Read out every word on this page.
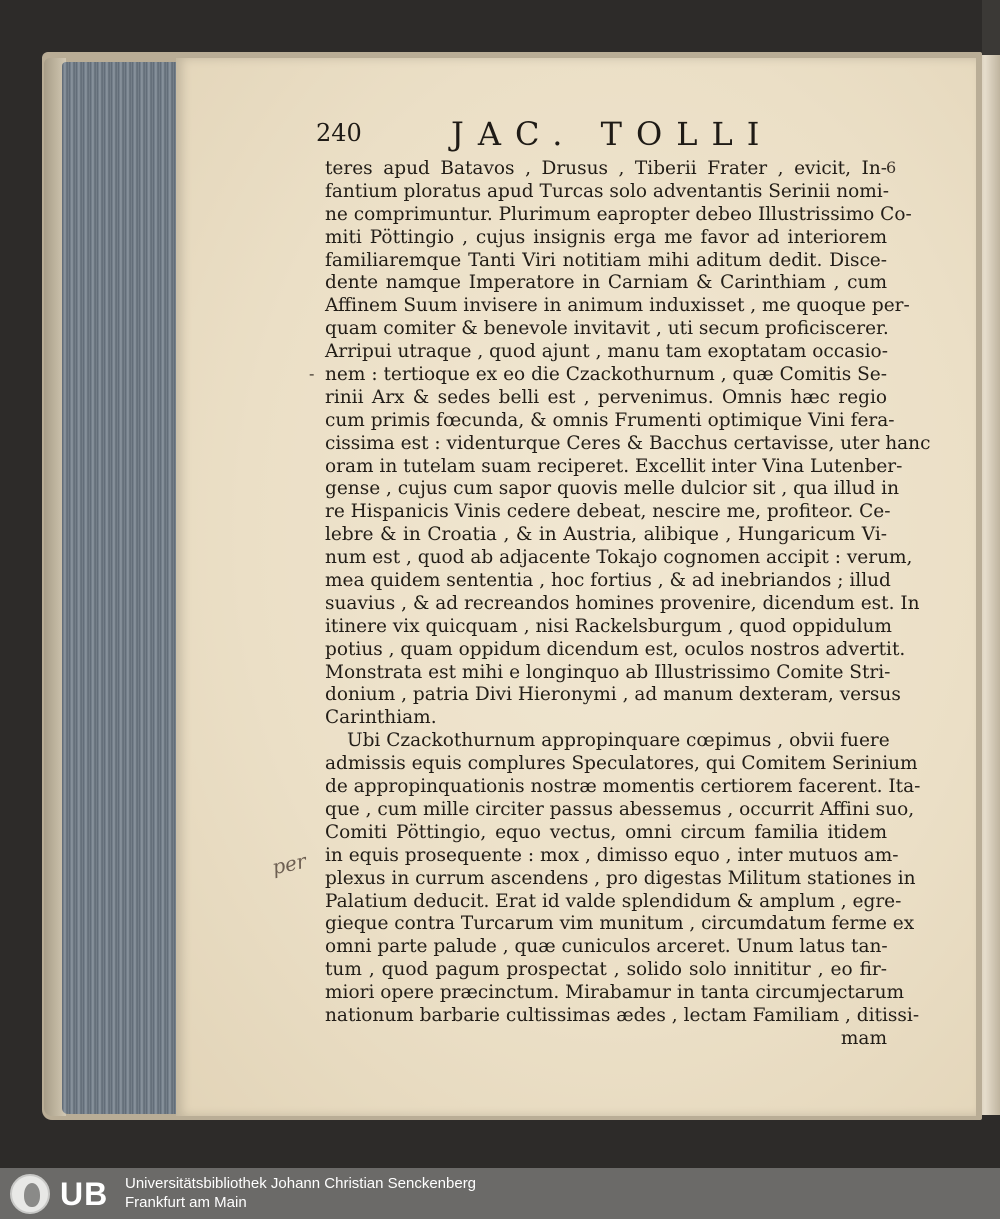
240	JAC. TOLLI
6
-
per
teres apud Batavos , Drusus , Tiberii Frater , evicit, In-
fantium ploratus apud Turcas solo adventantis Serinii nomi-
ne comprimuntur. Plurimum eapropter debeo Illustrissimo Co-
miti Pöttingio , cujus insignis erga me favor ad interiorem
familiaremque Tanti Viri notitiam mihi aditum dedit. Disce-
dente namque Imperatore in Carniam & Carinthiam , cum
Affinem Suum invisere in animum induxisset , me quoque per-
quam comiter & benevole invitavit , uti secum proficiscerer.
Arripui utraque , quod ajunt , manu tam exoptatam occasio-
nem : tertioque ex eo die Czackothurnum , quæ Comitis Se-
rinii Arx & sedes belli est , pervenimus. Omnis hæc regio
cum primis fœcunda, & omnis Frumenti optimique Vini fera-
cissima est : videnturque Ceres & Bacchus certavisse, uter hanc
oram in tutelam suam reciperet. Excellit inter Vina Lutenber-
gense , cujus cum sapor quovis melle dulcior sit , qua illud in
re Hispanicis Vinis cedere debeat, nescire me, profiteor. Ce-
lebre & in Croatia , & in Austria, alibique , Hungaricum Vi-
num est , quod ab adjacente Tokajo cognomen accipit : verum,
mea quidem sententia , hoc fortius , & ad inebriandos ; illud
suavius , & ad recreandos homines provenire, dicendum est. In
itinere vix quicquam , nisi Rackelsburgum , quod oppidulum
potius , quam oppidum dicendum est, oculos nostros advertit.
Monstrata est mihi e longinquo ab Illustrissimo Comite Stri-
donium , patria Divi Hieronymi , ad manum dexteram, versus
Carinthiam.
Ubi Czackothurnum appropinquare cœpimus , obvii fuere
admissis equis complures Speculatores, qui Comitem Serinium
de appropinquationis nostræ momentis certiorem facerent. Ita-
que , cum mille circiter passus abessemus , occurrit Affini suo,
Comiti Pöttingio, equo vectus, omni circum familia itidem
in equis prosequente : mox , dimisso equo , inter mutuos am-
plexus in currum ascendens , pro digestas Militum stationes in
Palatium deducit. Erat id valde splendidum & amplum , egre-
gieque contra Turcarum vim munitum , circumdatum ferme ex
omni parte palude , quæ cuniculos arceret. Unum latus tan-
tum , quod pagum prospectat , solido solo innititur , eo fir-
miori opere præcinctum. Mirabamur in tanta circumjectarum
nationum barbarie cultissimas ædes , lectam Familiam , ditissi-
mam
UB Universitätsbibliothek Johann Christian Senckenberg
Frankfurt am Main
